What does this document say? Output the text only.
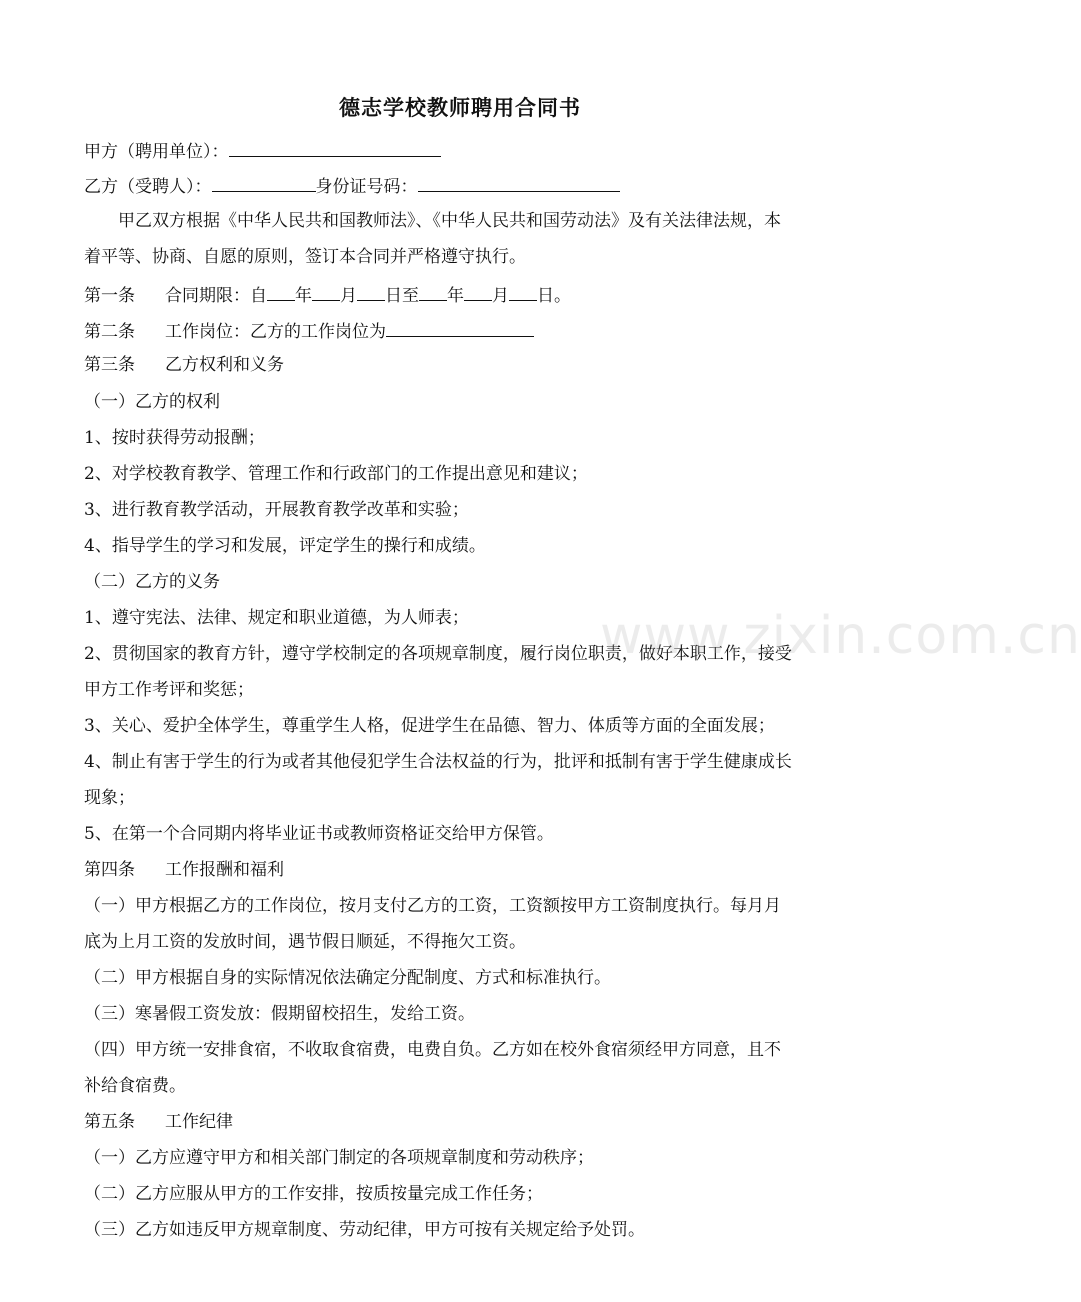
德志学校教师聘用合同书
甲方（聘用单位）：
乙方（受聘人）：	身份证号码：
甲乙双方根据《中华人民共和国教师法》、《中华人民共和国劳动法》及有关法律法规，本
着平等、协商、自愿的原则，签订本合同并严格遵守执行。
第一条 合同期限：自 年 月 日至 年 月 日。
第二条 工作岗位：乙方的工作岗位为
第三条 乙方权利和义务
（一）乙方的权利
1、按时获得劳动报酬；
2、对学校教育教学、管理工作和行政部门的工作提出意见和建议；
3、进行教育教学活动，开展教育教学改革和实验；
4、指导学生的学习和发展，评定学生的操行和成绩。
（二）乙方的义务
1、遵守宪法、法律、规定和职业道德，为人师表；
2、贯彻国家的教育方针，遵守学校制定的各项规章制度，履行岗位职责，做好本职工作，接受
甲方工作考评和奖惩；
3、关心、爱护全体学生，尊重学生人格，促进学生在品德、智力、体质等方面的全面发展；
4、制止有害于学生的行为或者其他侵犯学生合法权益的行为，批评和抵制有害于学生健康成长
现象；
5、在第一个合同期内将毕业证书或教师资格证交给甲方保管。
第四条 工作报酬和福利
（一）甲方根据乙方的工作岗位，按月支付乙方的工资，工资额按甲方工资制度执行。每月月
底为上月工资的发放时间，遇节假日顺延，不得拖欠工资。
（二）甲方根据自身的实际情况依法确定分配制度、方式和标准执行。
（三）寒暑假工资发放：假期留校招生，发给工资。
（四）甲方统一安排食宿，不收取食宿费，电费自负。乙方如在校外食宿须经甲方同意，且不
补给食宿费。
第五条 工作纪律
（一）乙方应遵守甲方和相关部门制定的各项规章制度和劳动秩序；
（二）乙方应服从甲方的工作安排，按质按量完成工作任务；
（三）乙方如违反甲方规章制度、劳动纪律，甲方可按有关规定给予处罚。
www.zixin.com.cn
